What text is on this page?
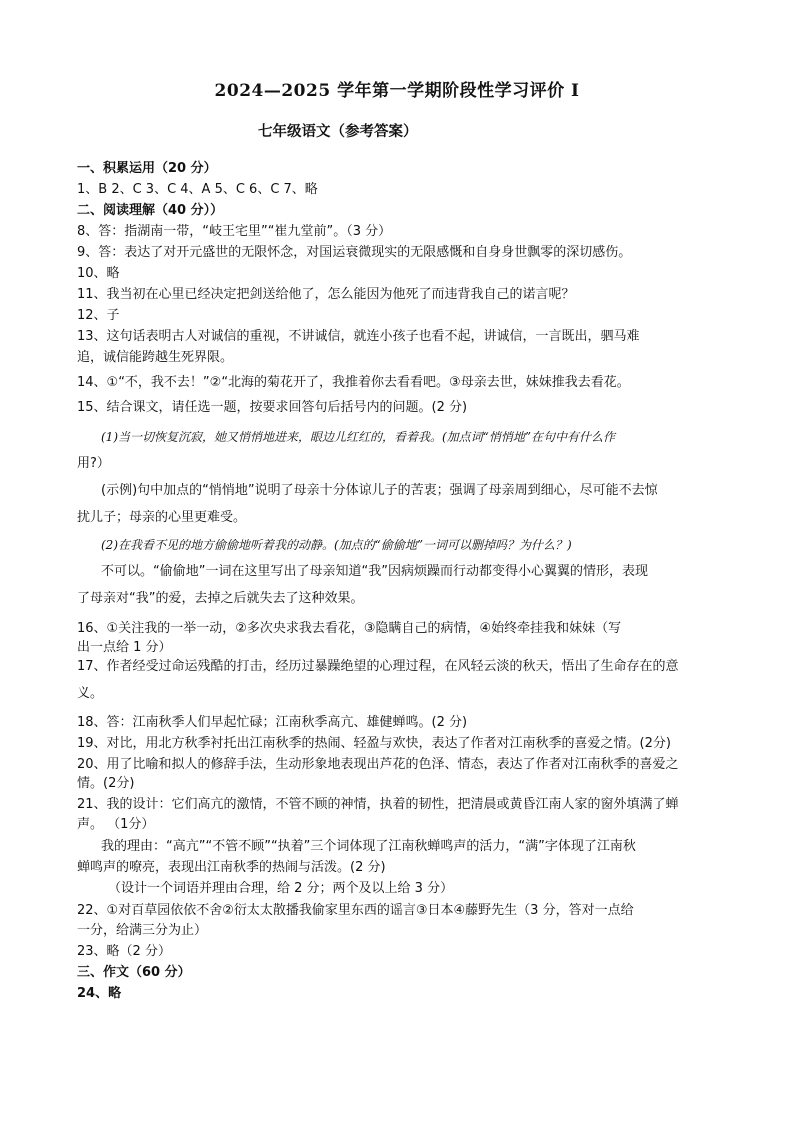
2024—2025 学年第一学期阶段性学习评价 I
七年级语文（参考答案）
一、积累运用（20 分）
1、B 2、C 3、C 4、A 5、C 6、C 7、略
二、阅读理解（40 分））
8、答：指湖南一带，“岐王宅里”“崔九堂前”。（3 分）
9、答：表达了对开元盛世的无限怀念，对国运衰微现实的无限感慨和自身身世飘零的深切感伤。
10、略
11、我当初在心里已经决定把剑送给他了，怎么能因为他死了而违背我自己的诺言呢？
12、子
13、这句话表明古人对诚信的重视，不讲诚信，就连小孩子也看不起，讲诚信，一言既出，驷马难
追，诚信能跨越生死界限。
14、①“不，我不去！”②“北海的菊花开了，我推着你去看看吧。③母亲去世，妹妹推我去看花。
15、结合课文，请任选一题，按要求回答句后括号内的问题。(2 分)
(1)当一切恢复沉寂，她又悄悄地进来，眼边儿红红的，看着我。(加点词“悄悄地”在句中有什么作
用?）
(示例)句中加点的“悄悄地”说明了母亲十分体谅儿子的苦衷；强调了母亲周到细心，尽可能不去惊
扰儿子；母亲的心里更难受。
(2)在我看不见的地方偷偷地听着我的动静。(加点的“偷偷地”一词可以删掉吗？为什么？)
不可以。“偷偷地”一词在这里写出了母亲知道“我”因病烦躁而行动都变得小心翼翼的情形，表现
了母亲对“我”的爱，去掉之后就失去了这种效果。
16、①关注我的一举一动，②多次央求我去看花，③隐瞒自己的病情，④始终牵挂我和妹妹（写
出一点给 1 分）
17、作者经受过命运残酷的打击，经历过暴躁绝望的心理过程，在风轻云淡的秋天，悟出了生命存在的意
义。
18、答：江南秋季人们早起忙碌；江南秋季高亢、雄健蝉鸣。(2 分)
19、对比，用北方秋季衬托出江南秋季的热闹、轻盈与欢快，表达了作者对江南秋季的喜爱之情。(2分)
20、用了比喻和拟人的修辞手法，生动形象地表现出芦花的色泽、情态，表达了作者对江南秋季的喜爱之
情。(2分)
21、我的设计：它们高亢的激情，不管不顾的神情，执着的韧性，把清晨或黄昏江南人家的窗外填满了蝉
声。 （1分）
我的理由：“高亢”“不管不顾”“执着”三个词体现了江南秋蝉鸣声的活力，“满”字体现了江南秋
蝉鸣声的嘹亮，表现出江南秋季的热闹与活泼。(2 分)
（设计一个词语并理由合理，给 2 分；两个及以上给 3 分）
22、①对百草园依依不舍②衍太太散播我偷家里东西的谣言③日本④藤野先生（3 分，答对一点给
一分，给满三分为止）
23、略（2 分）
三、作文（60 分）
24、略
